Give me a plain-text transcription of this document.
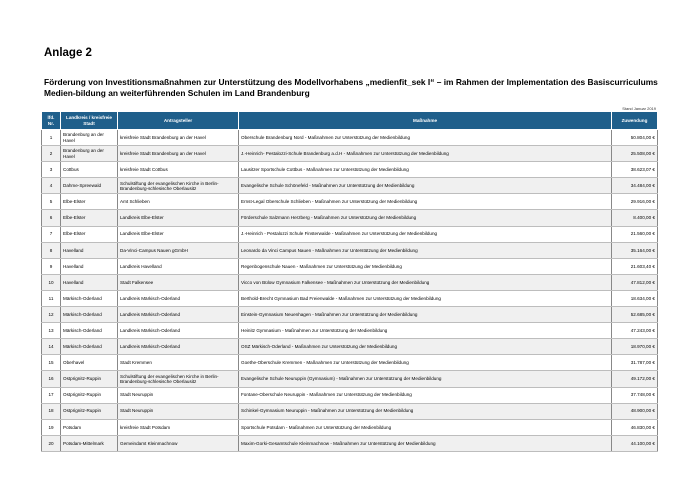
Anlage 2
Förderung von Investitionsmaßnahmen zur Unterstützung des Modellvorhabens „medienfit_sek I“ – im Rahmen der Implementation des Basiscurriculums Medien-bildung an weiterführenden Schulen im Land Brandenburg
Stand Januar 2019
lfd. Nr.	Landkreis / kreisfreie Stadt	Antragsteller	Maßnahme	Zuwendung
1	Brandenburg an der Havel	kreisfreie Stadt Brandenburg an der Havel	Oberschule Brandenburg Nord - Maßnahmen zur Unterstützung der Medienbildung	50.804,00 €
2	Brandenburg an der Havel	kreisfreie Stadt Brandenburg an der Havel	J.-Heinrich- Pestalozzi-Schule Brandenburg a.d.H - Maßnahmen zur Unterstützung der Medienbildung	25.508,00 €
3	Cottbus	kreisfreie Stadt Cottbus	Lausitzer Sportschule Cottbus - Maßnahmen zur Unterstützung der Medienbildung	38.623,07 €
4	Dahme-Spreewald	Schulstiftung der evangelischen Kirche in Berlin-Brandenburg-schlesische Oberlausitz	Evangelische Schule Schönefeld - Maßnahmen zur Unterstützung der Medienbildung	34.484,00 €
5	Elbe-Elster	Amt Schlieben	Ernst-Legal Oberschule Schlieben - Maßnahmen zur Unterstützung der Medienbildung	29.916,00 €
6	Elbe-Elster	Landkreis Elbe-Elster	Förderschule Salzmann Herzberg - Maßnahmen zur Unterstützung der Medienbildung	8.400,00 €
7	Elbe-Elster	Landkreis Elbe-Elster	J.-Heinrich - Pestalozzi Schule Finsterwalde - Maßnahmen zur Unterstützung der Medienbildung	21.560,00 €
8	Havelland	Da-Vinci-Campus Nauen gGmbH	Leonardo da Vinci Campus Nauen - Maßnahmen zur Unterstützung der Medienbildung	35.164,00 €
9	Havelland	Landkreis Havelland	Regenbogenschule Nauen - Maßnahmen zur Unterstützung der Medienbildung	21.603,40 €
10	Havelland	Stadt Falkensee	Vicco von Bülow Gymnasium Falkensee - Maßnahmen zur Unterstützung der Medienbildung	47.812,00 €
11	Märkisch-Oderland	Landkreis Märkisch-Oderland	Berthold-Brecht Gymnasium Bad Freienwalde - Maßnahmen zur Unterstützung der Medienbildung	18.634,00 €
12	Märkisch-Oderland	Landkreis Märkisch-Oderland	Einstein-Gymnasium Neuenhagen - Maßnahmen zur Unterstützung der Medienbildung	52.685,00 €
13	Märkisch-Oderland	Landkreis Märkisch-Oderland	Heinitz Gymnasium - Maßnahmen zur Unterstützung der Medienbildung	47.243,00 €
14	Märkisch-Oderland	Landkreis Märkisch-Oderland	OSZ Märkisch-Oderland - Maßnahmen zur Unterstützung der Medienbildung	18.970,00 €
15	Oberhavel	Stadt Kremmen	Goethe-Oberschule Kremmen - Maßnahmen zur Unterstützung der Medienbildung	31.787,00 €
16	Ostprignitz-Ruppin	Schulstiftung der evangelischen Kirche in Berlin-Brandenburg-schlesische Oberlausitz	Evangelische Schule Neuruppin (Gymnasium) - Maßnahmen zur Unterstützung der Medienbildung	49.172,00 €
17	Ostprignitz-Ruppin	Stadt Neuruppin	Fontane-Oberschule Neuruppin - Maßnahmen zur Unterstützung der Medienbildung	37.748,00 €
18	Ostprignitz-Ruppin	Stadt Neuruppin	Schinkel-Gymnasium Neuruppin - Maßnahmen zur Unterstützung der Medienbildung	48.900,00 €
19	Potsdam	kreisfreie Stadt Potsdam	Sportschule Potsdam - Maßnahmen zur Unterstützung der Medienbildung	46.830,00 €
20	Potsdam-Mittelmark	Gemeindamt Kleinmachnow	Maxim-Gorki-Gesamtschule Kleinmachnow - Maßnahmen zur Unterstützung der Medienbildung	44.100,00 €
